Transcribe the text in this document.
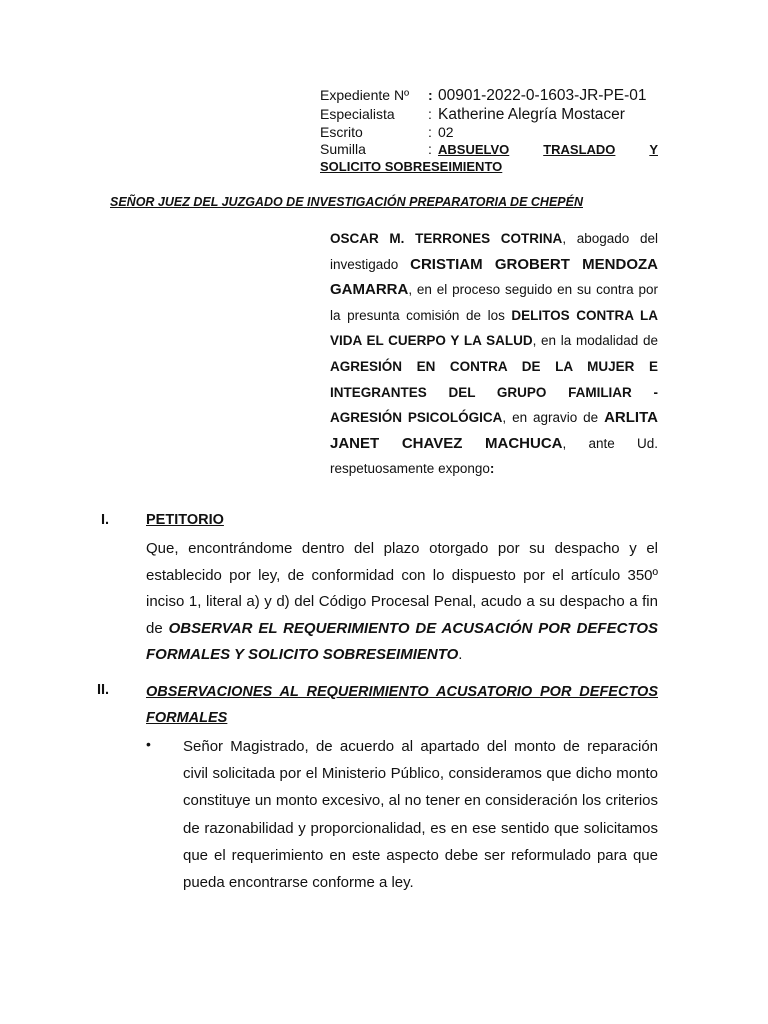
Expediente Nº : 00901-2022-0-1603-JR-PE-01
Especialista : Katherine Alegría Mostacer
Escrito	: 02
Sumilla	: ABSUELVO	TRASLADO	Y
SOLICITO SOBRESEIMIENTO
SEÑOR JUEZ DEL JUZGADO DE INVESTIGACIÓN PREPARATORIA DE CHEPÉN

OSCAR M. TERRONES COTRINA, abogado del investigado CRISTIAM GROBERT MENDOZA GAMARRA, en el proceso seguido en su contra por la presunta comisión de los DELITOS CONTRA LA VIDA EL CUERPO Y LA SALUD, en la modalidad de AGRESIÓN EN CONTRA DE LA MUJER E INTEGRANTES DEL GRUPO FAMILIAR - AGRESIÓN PSICOLÓGICA, en agravio de ARLITA JANET CHAVEZ MACHUCA, ante Ud. respetuosamente expongo:

I.	PETITORIO

Que, encontrándome dentro del plazo otorgado por su despacho y el establecido por ley, de conformidad con lo dispuesto por el artículo 350º inciso 1, literal a) y d) del Código Procesal Penal, acudo a su despacho a fin de OBSERVAR EL REQUERIMIENTO DE ACUSACIÓN POR DEFECTOS FORMALES Y SOLICITO SOBRESEIMIENTO.

II.	OBSERVACIONES AL REQUERIMIENTO ACUSATORIO POR DEFECTOS FORMALES
• Señor Magistrado, de acuerdo al apartado del monto de reparación civil solicitada por el Ministerio Público, consideramos que dicho monto constituye un monto excesivo, al no tener en consideración los criterios de razonabilidad y proporcionalidad, es en ese sentido que solicitamos que el requerimiento en este aspecto debe ser reformulado para que pueda encontrarse conforme a ley.
